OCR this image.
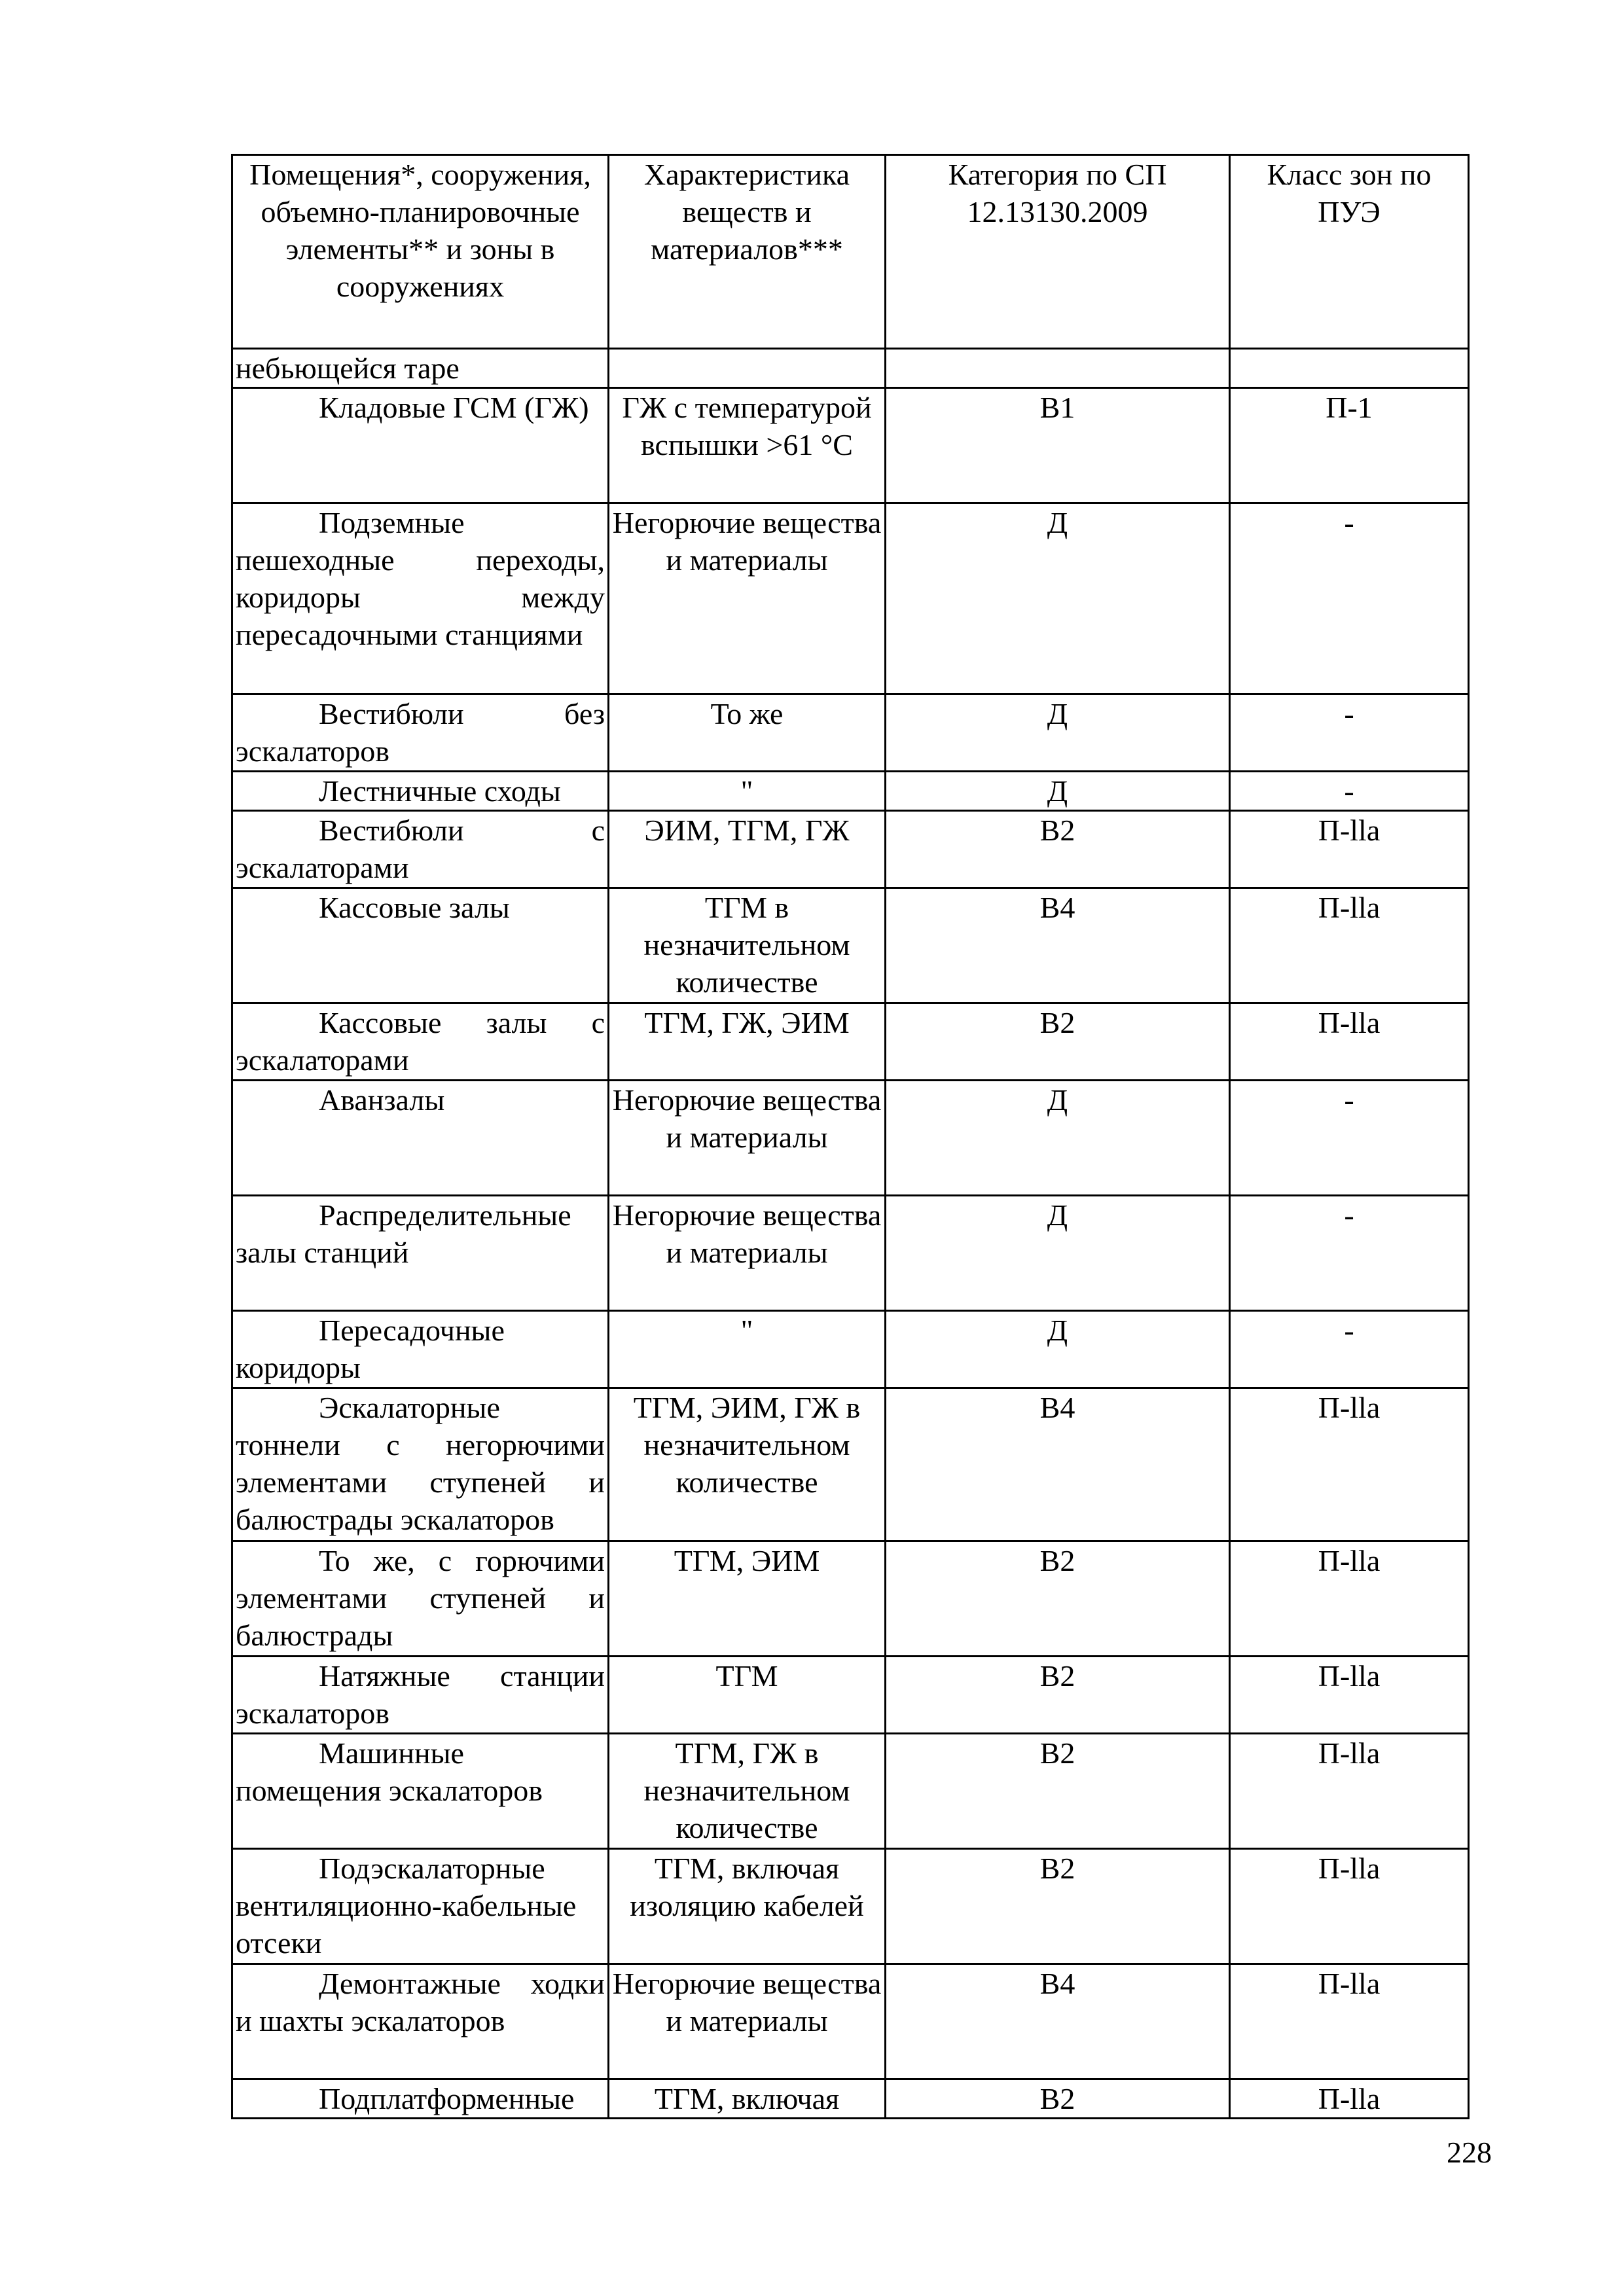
Помещения*, сооружения, объемно-планировочные элементы** и зоны в сооружениях	Характеристика веществ и материалов***	Категория по СП 12.13130.2009	Класс зон по ПУЭ
небьющейся таре			

Кладовые ГСМ (ГЖ)	ГЖ с температурой вспышки >61 °С	В1	П-1

Подземные пешеходные переходы, коридоры между пересадочными станциями	Негорючие вещества и материалы	Д	-

Вестибюли без эскалаторов	То же	Д	-

Лестничные сходы	"	Д	-

Вестибюли с эскалаторами	ЭИМ, ТГМ, ГЖ	В2	П-llа

Кассовые залы	ТГМ в незначительном количестве	В4	П-llа

Кассовые залы с эскалаторами	ТГМ, ГЖ, ЭИМ	В2	П-llа

Аванзалы	Негорючие вещества и материалы	Д	-

Распределительные залы станций	Негорючие вещества и материалы	Д	-

Пересадочные коридоры	"	Д	-

Эскалаторные тоннели с негорючими элементами ступеней и балюстрады эскалаторов	ТГМ, ЭИМ, ГЖ в незначительном количестве	В4	П-llа

То же, с горючими элементами ступеней и балюстрады	ТГМ, ЭИМ	В2	П-llа

Натяжные станции эскалаторов	ТГМ	В2	П-llа

Машинные помещения эскалаторов	ТГМ, ГЖ в незначительном количестве	В2	П-llа

Подэскалаторные вентиляционно-кабельные отсеки	ТГМ, включая изоляцию кабелей	В2	П-llа

Демонтажные ходки и шахты эскалаторов	Негорючие вещества и материалы	В4	П-llа

Подплатформенные	ТГМ, включая	В2	П-llа
228
